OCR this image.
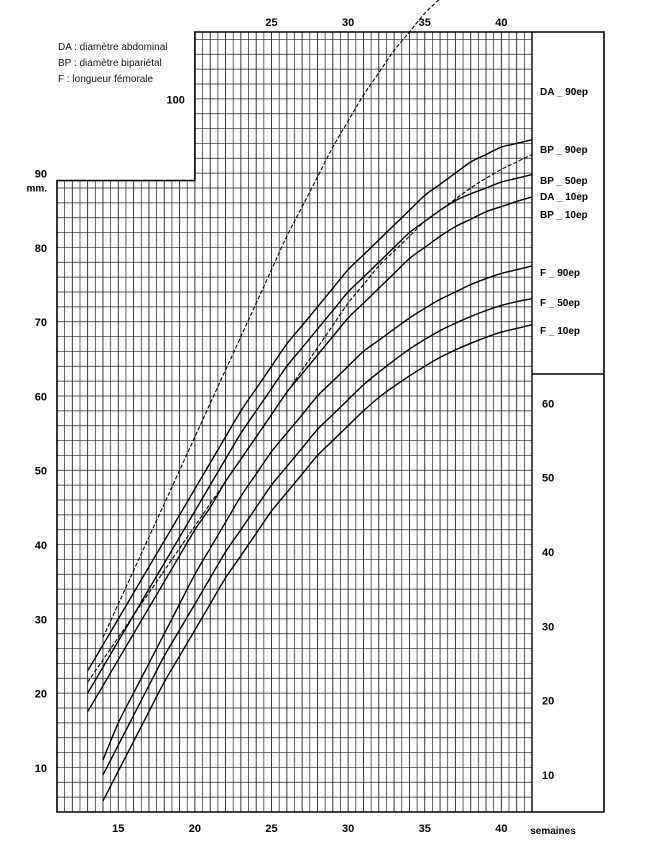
15	20	25	30	35	40
25	30	35	40
semaines
10
20
30
40
50
60
70
80
90
100
mm.
10
20
30
40
50
60
DA _ 90ep
BP _ 90ep
BP _ 50ep
DA _ 10ep
BP _ 10ep
F _ 90ep
F _ 50ep
F _ 10ep
DA : diamètre abdominal
BP : diamètre bipariétal
F : longueur fémorale
